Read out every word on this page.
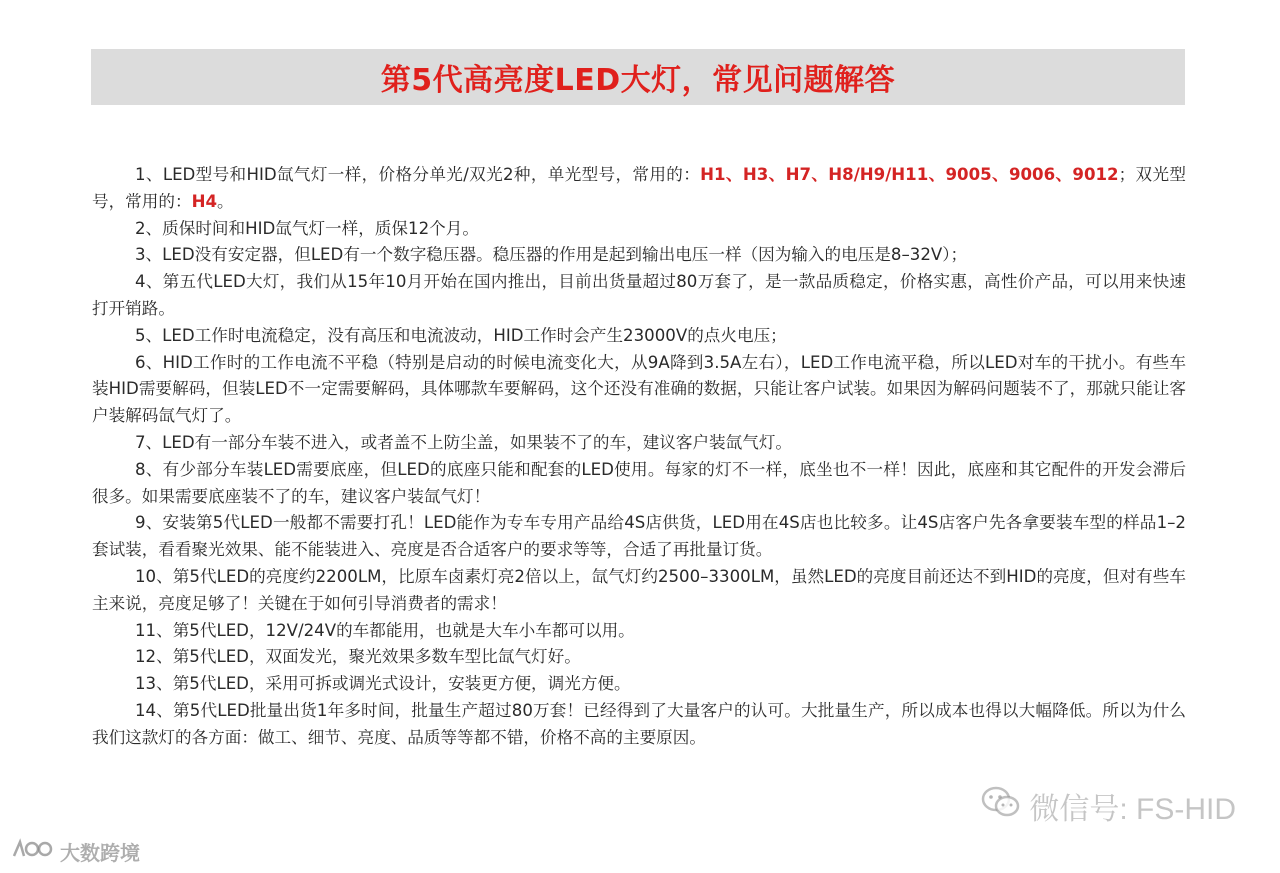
第5代高亮度LED大灯，常见问题解答

1、LED型号和HID氙气灯一样，价格分单光/双光2种，单光型号，常用的：H1、H3、H7、H8/H9/H11、9005、9006、9012；双光型号，常用的：H4。

2、质保时间和HID氙气灯一样，质保12个月。

3、LED没有安定器，但LED有一个数字稳压器。稳压器的作用是起到输出电压一样（因为输入的电压是8–32V）；

4、第五代LED大灯，我们从15年10月开始在国内推出，目前出货量超过80万套了，是一款品质稳定，价格实惠，高性价产品，可以用来快速打开销路。

5、LED工作时电流稳定，没有高压和电流波动，HID工作时会产生23000V的点火电压；

6、HID工作时的工作电流不平稳（特别是启动的时候电流变化大，从9A降到3.5A左右），LED工作电流平稳，所以LED对车的干扰小。有些车装HID需要解码，但装LED不一定需要解码，具体哪款车要解码，这个还没有准确的数据，只能让客户试装。如果因为解码问题装不了，那就只能让客户装解码氙气灯了。

7、LED有一部分车装不进入，或者盖不上防尘盖，如果装不了的车，建议客户装氙气灯。

8、有少部分车装LED需要底座，但LED的底座只能和配套的LED使用。每家的灯不一样，底坐也不一样！因此，底座和其它配件的开发会滞后很多。如果需要底座装不了的车，建议客户装氙气灯！

9、安装第5代LED一般都不需要打孔！LED能作为专车专用产品给4S店供货，LED用在4S店也比较多。让4S店客户先各拿要装车型的样品1–2套试装，看看聚光效果、能不能装进入、亮度是否合适客户的要求等等，合适了再批量订货。

10、第5代LED的亮度约2200LM，比原车卤素灯亮2倍以上，氙气灯约2500–3300LM，虽然LED的亮度目前还达不到HID的亮度，但对有些车主来说，亮度足够了！关键在于如何引导消费者的需求！

11、第5代LED，12V/24V的车都能用，也就是大车小车都可以用。

12、第5代LED，双面发光，聚光效果多数车型比氙气灯好。

13、第5代LED，采用可拆或调光式设计，安装更方便，调光方便。

14、第5代LED批量出货1年多时间，批量生产超过80万套！已经得到了大量客户的认可。大批量生产，所以成本也得以大幅降低。所以为什么我们这款灯的各方面：做工、细节、亮度、品质等等都不错，价格不高的主要原因。

微信号: FS-HID
大数跨境
